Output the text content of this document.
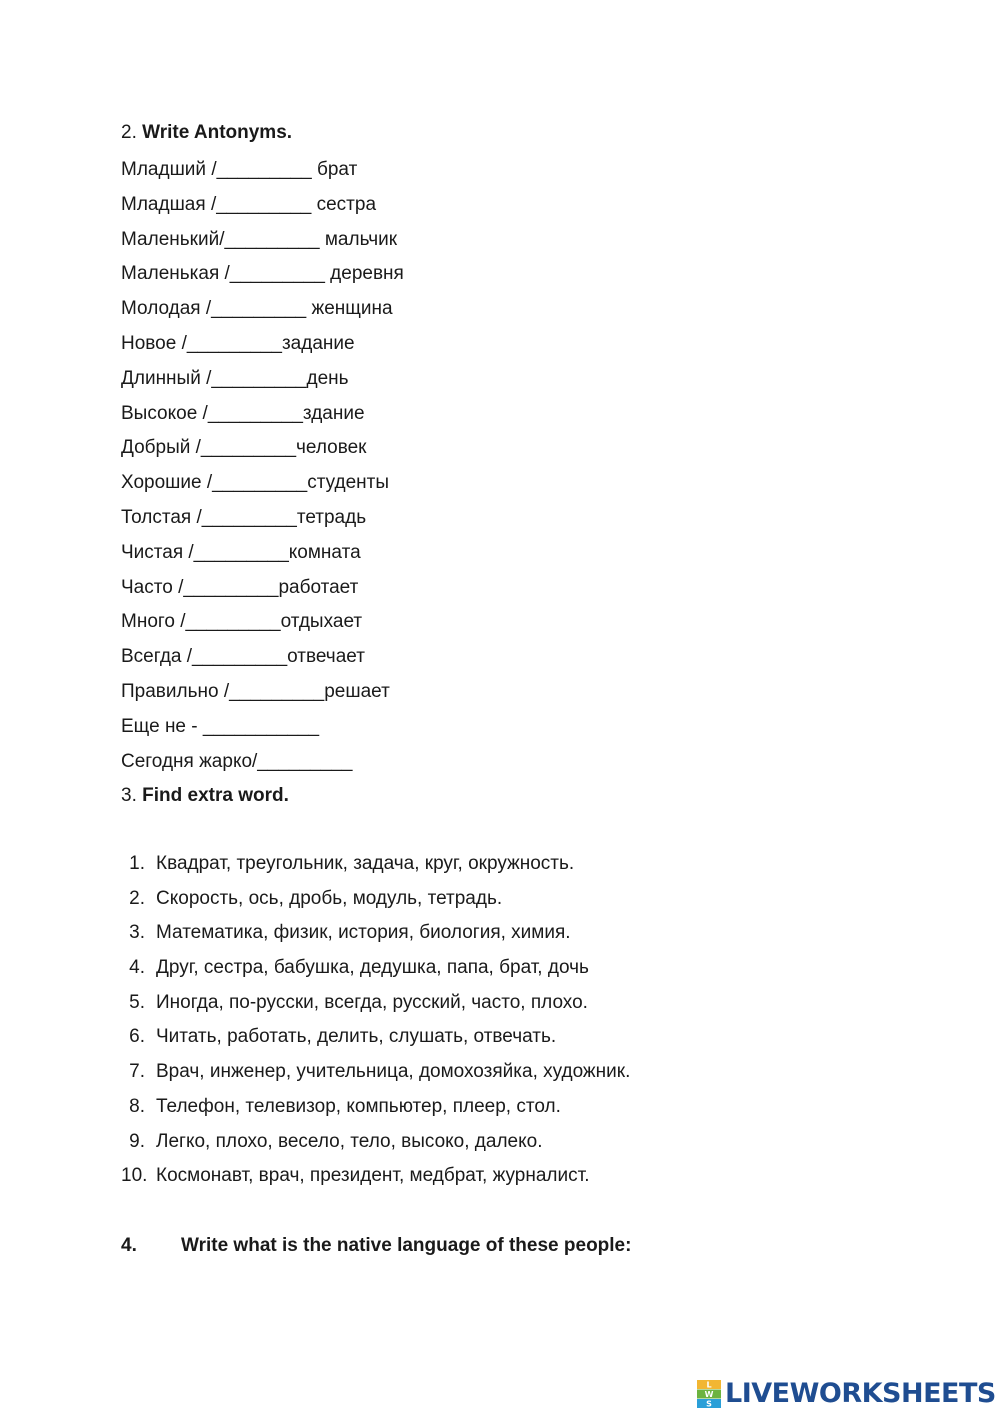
2. Write Antonyms.
Младший /_________ брат
Младшая /_________ сестра
Маленький/_________ мальчик
Маленькая /_________ деревня
Молодая /_________ женщина
Новое /_________задание
Длинный /_________день
Высокое /_________здание
Добрый /_________человек
Хорошие /_________студенты
Толстая /_________тетрадь
Чистая /_________комната
Часто /_________работает
Много /_________отдыхает
Всегда /_________отвечает
Правильно /_________решает
Еще не - ___________
Сегодня жарко/_________
3. Find extra word.
1. Квадрат, треугольник, задача, круг, окружность.
2. Скорость, ось, дробь, модуль, тетрадь.
3. Математика, физик, история, биология, химия.
4. Друг, сестра, бабушка, дедушка, папа, брат, дочь
5. Иногда, по-русски, всегда, русский, часто, плохо.
6. Читать, работать, делить, слушать, отвечать.
7. Врач, инженер, учительница, домохозяйка, художник.
8. Телефон, телевизор, компьютер, плеер, стол.
9. Легко, плохо, весело, тело, высоко, далеко.
10. Космонавт, врач, президент, медбрат, журналист.
4. Write what is the native language of these people:
L
W
S LIVEWORKSHEETS
